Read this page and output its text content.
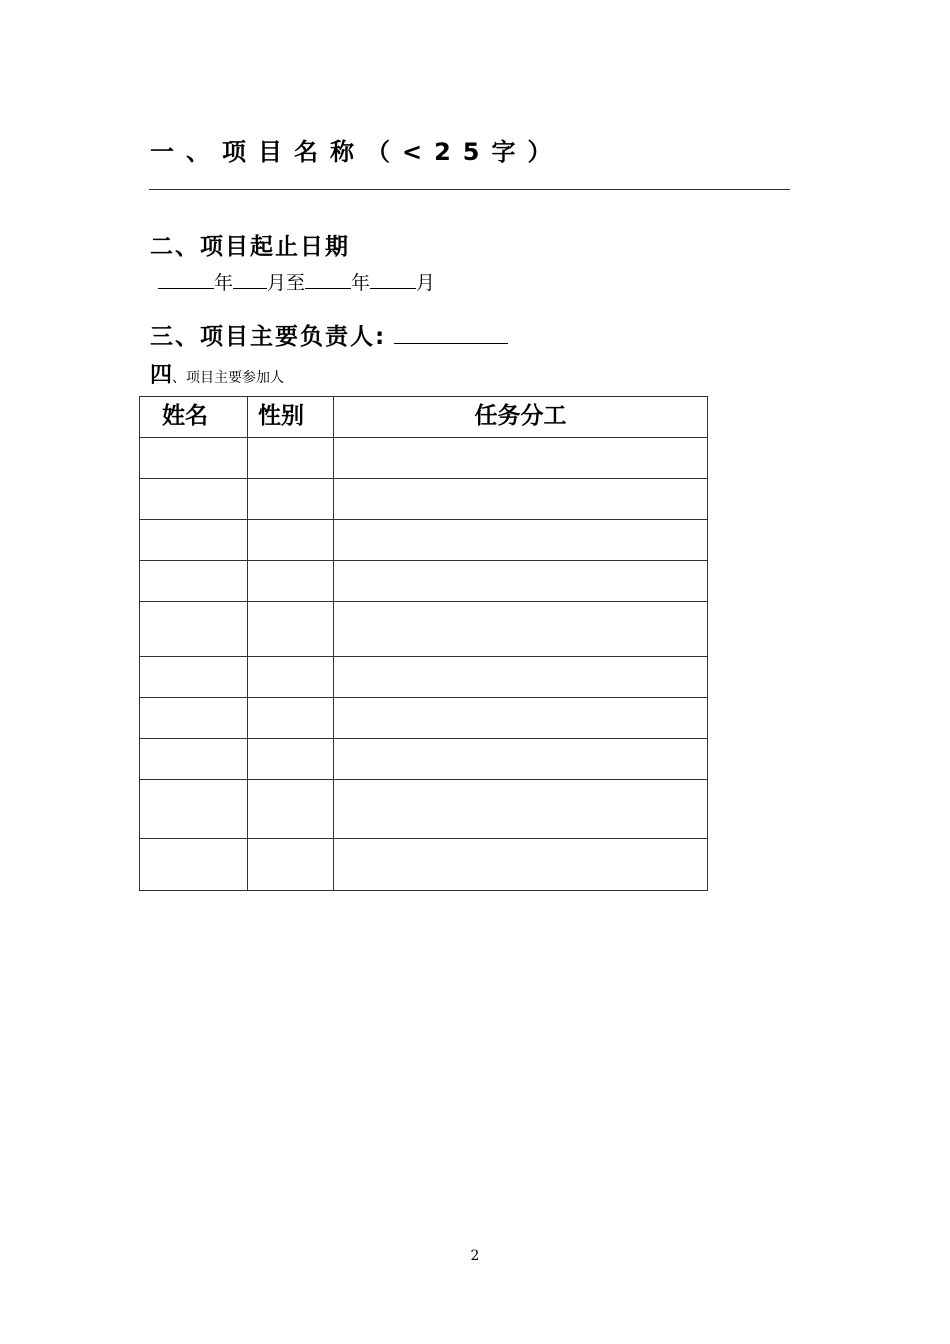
一、项目名称（<25字）
二、项目起止日期
年 月至 年 月
三、项目主要负责人:
四、项目主要参加人
姓名	性别	任务分工

2
